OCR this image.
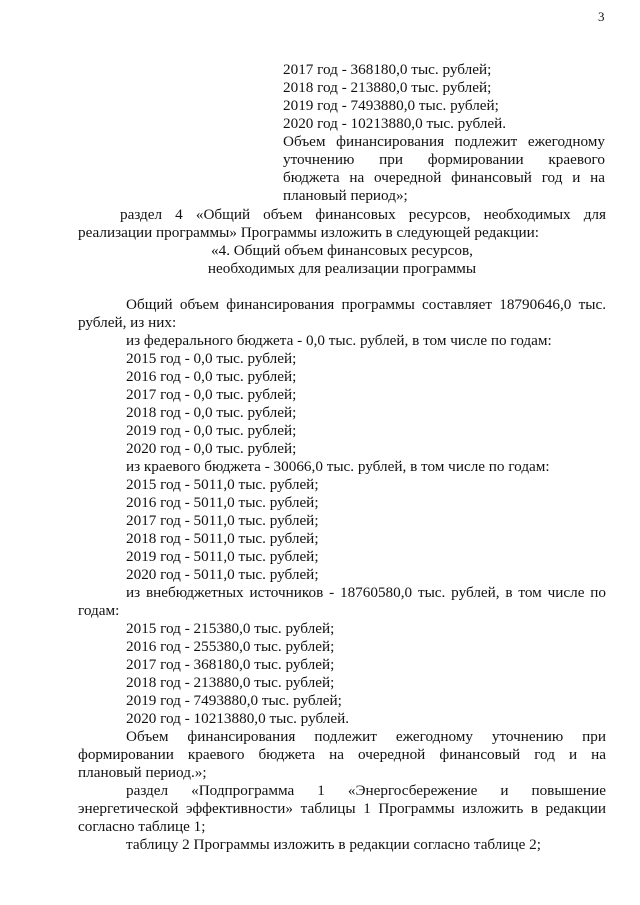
3
2017 год - 368180,0 тыс. рублей;
2018 год - 213880,0 тыс. рублей;
2019 год - 7493880,0 тыс. рублей;
2020 год - 10213880,0 тыс. рублей.
Объем финансирования подлежит ежегодному
уточнению при формировании краевого
бюджета на очередной финансовый год и на
плановый период»;
раздел 4 «Общий объем финансовых ресурсов, необходимых для
реализации программы» Программы изложить в следующей редакции:
«4. Общий объем финансовых ресурсов,
необходимых для реализации программы
Общий объем финансирования программы составляет 18790646,0 тыс.
рублей, из них:
из федерального бюджета - 0,0 тыс. рублей, в том числе по годам:
2015 год - 0,0 тыс. рублей;
2016 год - 0,0 тыс. рублей;
2017 год - 0,0 тыс. рублей;
2018 год - 0,0 тыс. рублей;
2019 год - 0,0 тыс. рублей;
2020 год - 0,0 тыс. рублей;
из краевого бюджета - 30066,0 тыс. рублей, в том числе по годам:
2015 год - 5011,0 тыс. рублей;
2016 год - 5011,0 тыс. рублей;
2017 год - 5011,0 тыс. рублей;
2018 год - 5011,0 тыс. рублей;
2019 год - 5011,0 тыс. рублей;
2020 год - 5011,0 тыс. рублей;
из внебюджетных источников - 18760580,0 тыс. рублей, в том числе по
годам:
2015 год - 215380,0 тыс. рублей;
2016 год - 255380,0 тыс. рублей;
2017 год - 368180,0 тыс. рублей;
2018 год - 213880,0 тыс. рублей;
2019 год - 7493880,0 тыс. рублей;
2020 год - 10213880,0 тыс. рублей.
Объем финансирования подлежит ежегодному уточнению при
формировании краевого бюджета на очередной финансовый год и на
плановый период.»;
раздел «Подпрограмма 1 «Энергосбережение и повышение
энергетической эффективности» таблицы 1 Программы изложить в редакции
согласно таблице 1;
таблицу 2 Программы изложить в редакции согласно таблице 2;
